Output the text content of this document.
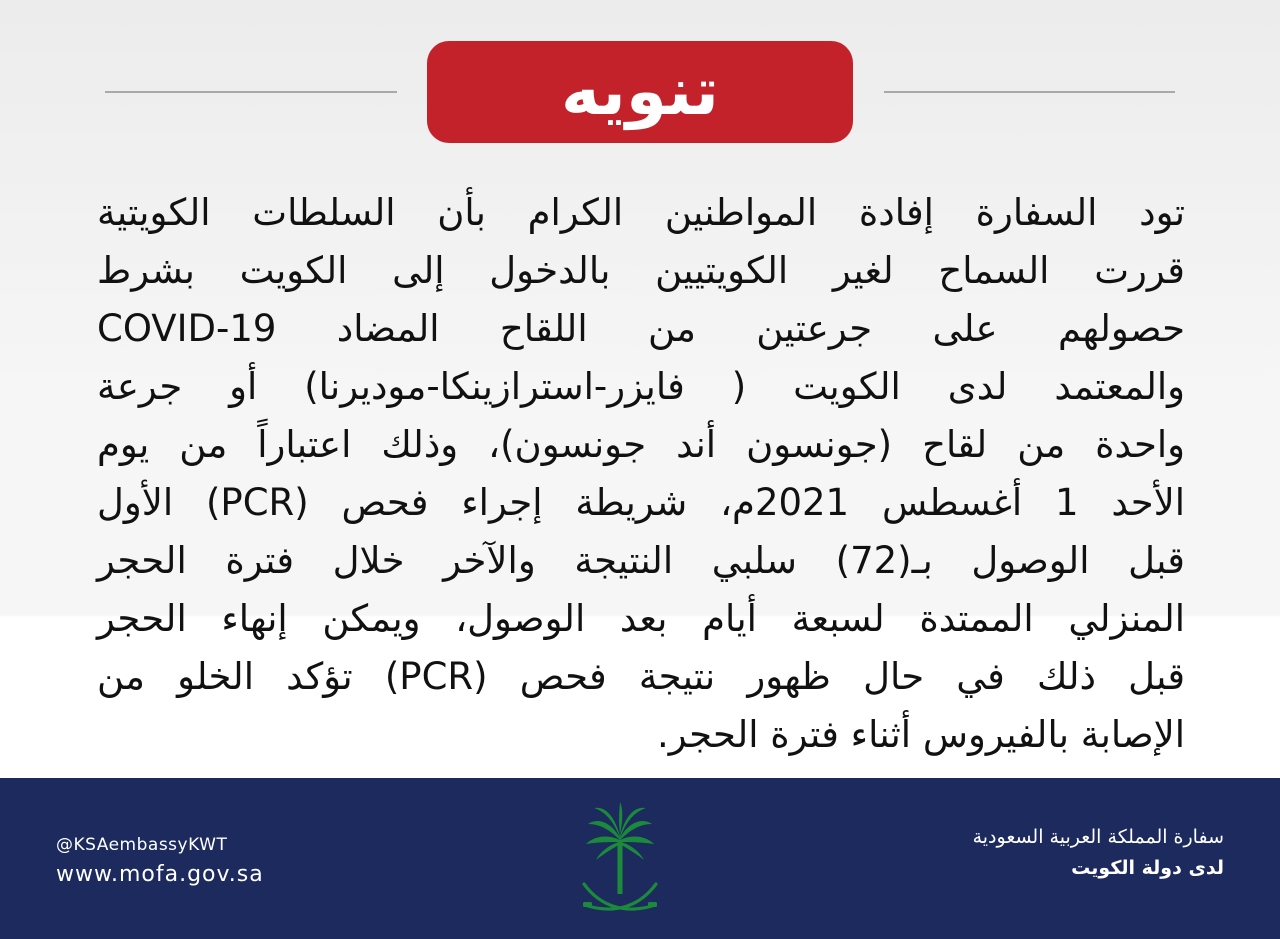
تنويه
تود السفارة إفادة المواطنين الكرام بأن السلطات الكويتية
قررت السماح لغير الكويتيين بالدخول إلى الكويت بشرط
حصولهم على جرعتين من اللقاح المضاد COVID-19
والمعتمد لدى الكويت ( فايزر-استرازينكا-موديرنا) أو جرعة
واحدة من لقاح (جونسون أند جونسون)، وذلك اعتباراً من يوم
الأحد 1 أغسطس 2021م، شريطة إجراء فحص (PCR) الأول
قبل الوصول بـ(72) سلبي النتيجة والآخر خلال فترة الحجر
المنزلي الممتدة لسبعة أيام بعد الوصول، ويمكن إنهاء الحجر
قبل ذلك في حال ظهور نتيجة فحص (PCR) تؤكد الخلو من
الإصابة بالفيروس أثناء فترة الحجر.
@KSAembassyKWT
www.mofa.gov.sa
سفارة المملكة العربية السعودية
لدى دولة الكويت
